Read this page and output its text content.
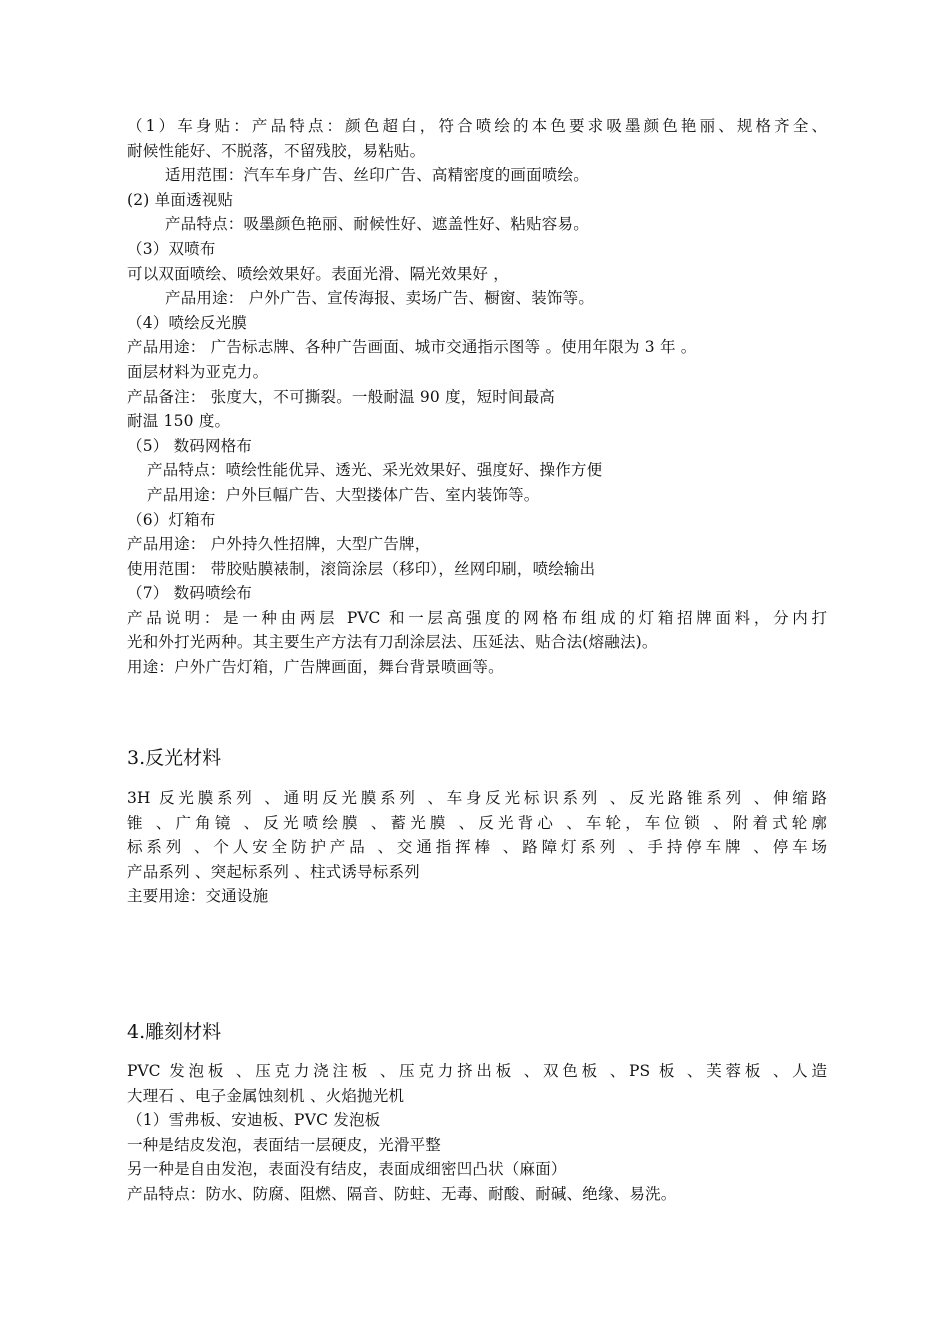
（1）车身贴：产品特点：颜色超白，符合喷绘的本色要求吸墨颜色艳丽、规格齐全、
耐候性能好、不脱落，不留残胶，易粘贴。
适用范围：汽车车身广告、丝印广告、高精密度的画面喷绘。
(2) 单面透视贴
产品特点：吸墨颜色艳丽、耐候性好、遮盖性好、粘贴容易。
（3）双喷布
可以双面喷绘、喷绘效果好。表面光滑、隔光效果好 ，
产品用途： 户外广告、宣传海报、卖场广告、橱窗、装饰等。
（4）喷绘反光膜
产品用途： 广告标志牌、各种广告画面、城市交通指示图等 。使用年限为 3 年 。
面层材料为亚克力。
产品备注： 张度大，不可撕裂。一般耐温 90 度，短时间最高
耐温 150 度。
（5） 数码网格布
产品特点：喷绘性能优异、透光、采光效果好、强度好、操作方便
产品用途：户外巨幅广告、大型搂体广告、室内装饰等。
（6）灯箱布
产品用途： 户外持久性招牌，大型广告牌，
使用范围： 带胶贴膜裱制，滚筒涂层（移印），丝网印刷，喷绘输出
（7） 数码喷绘布
产品说明：是一种由两层 PVC 和一层高强度的网格布组成的灯箱招牌面料，分内打
光和外打光两种。其主要生产方法有刀刮涂层法、压延法、贴合法(熔融法)。
用途：户外广告灯箱，广告牌画面，舞台背景喷画等。
3.反光材料
3H 反光膜系列 、通明反光膜系列 、车身反光标识系列 、反光路锥系列 、伸缩路
锥 、广角镜 、反光喷绘膜 、蓄光膜 、反光背心 、车轮，车位锁 、附着式轮廓
标系列 、个人安全防护产品 、交通指挥棒 、路障灯系列 、手持停车牌 、停车场
产品系列 、突起标系列 、柱式诱导标系列
主要用途：交通设施
4.雕刻材料
PVC 发泡板 、压克力浇注板 、压克力挤出板 、双色板 、PS 板 、芙蓉板 、人造
大理石 、电子金属蚀刻机 、火焰抛光机
（1）雪弗板、安迪板、PVC 发泡板
一种是结皮发泡，表面结一层硬皮，光滑平整
另一种是自由发泡，表面没有结皮，表面成细密凹凸状（麻面）
产品特点：防水、防腐、阻燃、隔音、防蛀、无毒、耐酸、耐碱、绝缘、易洗。
